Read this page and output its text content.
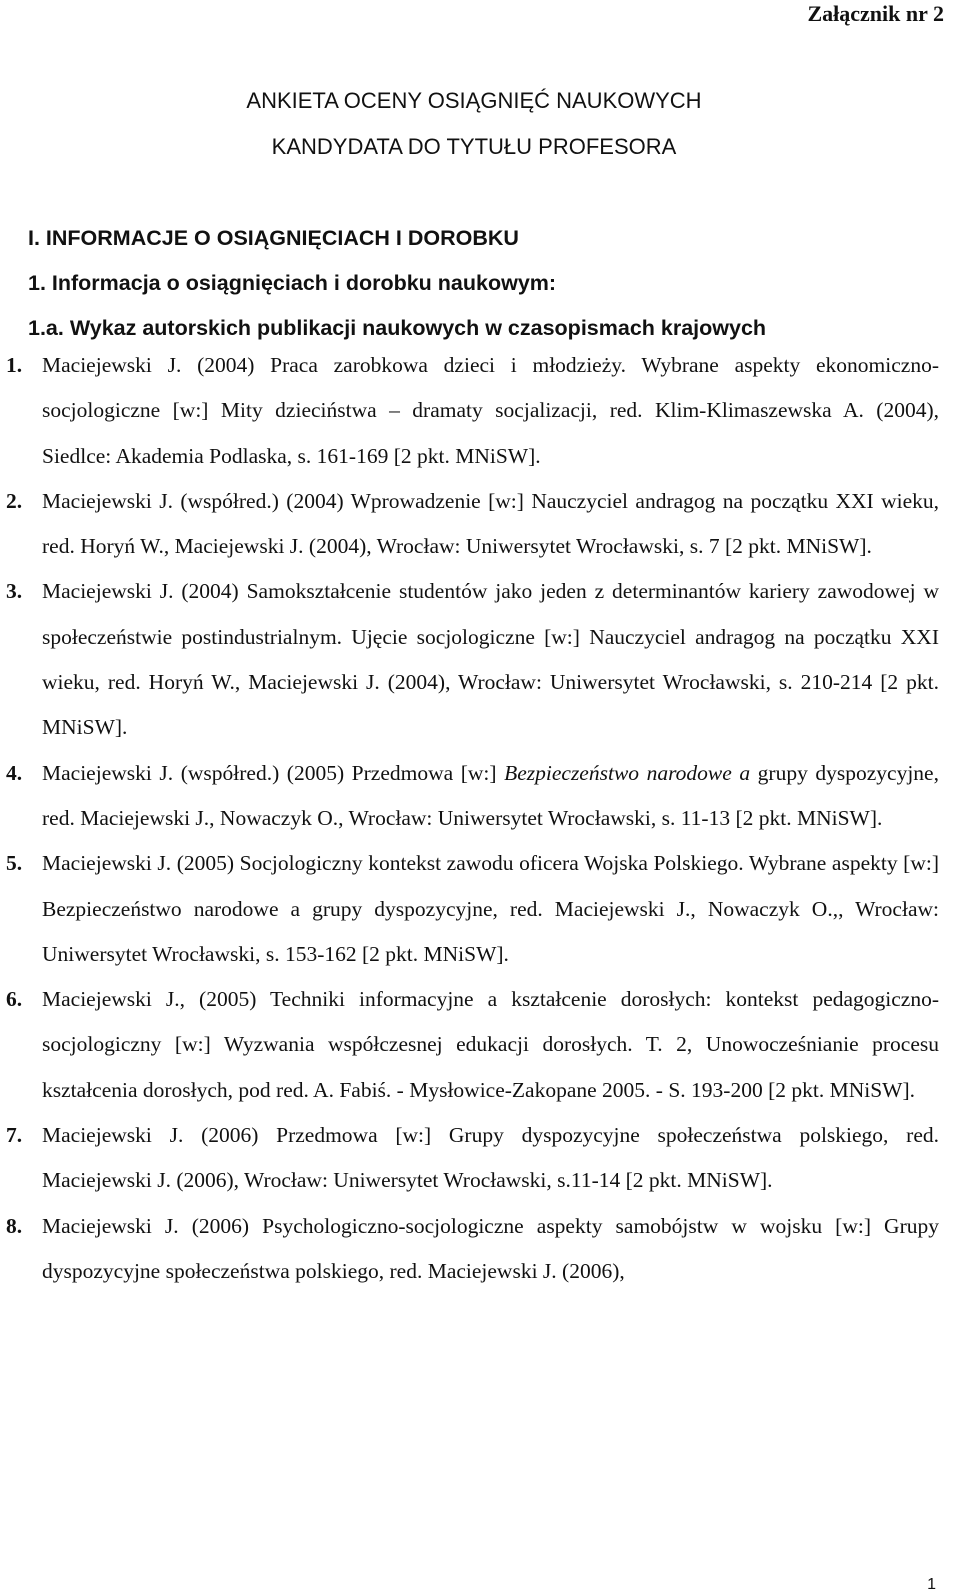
Załącznik nr 2
ANKIETA OCENY OSIĄGNIĘĆ NAUKOWYCH
KANDYDATA DO TYTUŁU PROFESORA
I. INFORMACJE O OSIĄGNIĘCIACH I DOROBKU
1. Informacja o osiągnięciach i dorobku naukowym:
1.a. Wykaz autorskich publikacji naukowych w czasopismach krajowych
1. Maciejewski J. (2004) Praca zarobkowa dzieci i młodzieży. Wybrane aspekty ekonomiczno-socjologiczne [w:] Mity dzieciństwa – dramaty socjalizacji, red. Klim-Klimaszewska A. (2004), Siedlce: Akademia Podlaska, s. 161-169 [2 pkt. MNiSW].
2. Maciejewski J. (współred.) (2004) Wprowadzenie [w:] Nauczyciel andragog na początku XXI wieku, red. Horyń W., Maciejewski J. (2004), Wrocław: Uniwersytet Wrocławski, s. 7 [2 pkt. MNiSW].
3. Maciejewski J. (2004) Samokształcenie studentów jako jeden z determinantów kariery zawodowej w społeczeństwie postindustrialnym. Ujęcie socjologiczne [w:] Nauczyciel andragog na początku XXI wieku, red. Horyń W., Maciejewski J. (2004), Wrocław: Uniwersytet Wrocławski, s. 210-214 [2 pkt. MNiSW].
4. Maciejewski J. (współred.) (2005) Przedmowa [w:] Bezpieczeństwo narodowe a grupy dyspozycyjne, red. Maciejewski J., Nowaczyk O., Wrocław: Uniwersytet Wrocławski, s. 11-13 [2 pkt. MNiSW].
5. Maciejewski J. (2005) Socjologiczny kontekst zawodu oficera Wojska Polskiego. Wybrane aspekty [w:] Bezpieczeństwo narodowe a grupy dyspozycyjne, red. Maciejewski J., Nowaczyk O.,, Wrocław: Uniwersytet Wrocławski, s. 153-162 [2 pkt. MNiSW].
6. Maciejewski J., (2005) Techniki informacyjne a kształcenie dorosłych: kontekst pedagogiczno-socjologiczny [w:] Wyzwania współczesnej edukacji dorosłych. T. 2, Unowocześnianie procesu kształcenia dorosłych, pod red. A. Fabiś. - Mysłowice-Zakopane 2005. - S. 193-200 [2 pkt. MNiSW].
7. Maciejewski J. (2006) Przedmowa [w:] Grupy dyspozycyjne społeczeństwa polskiego, red. Maciejewski J. (2006), Wrocław: Uniwersytet Wrocławski, s.11-14 [2 pkt. MNiSW].
8. Maciejewski J. (2006) Psychologiczno-socjologiczne aspekty samobójstw w wojsku [w:] Grupy dyspozycyjne społeczeństwa polskiego, red. Maciejewski J. (2006),
1
